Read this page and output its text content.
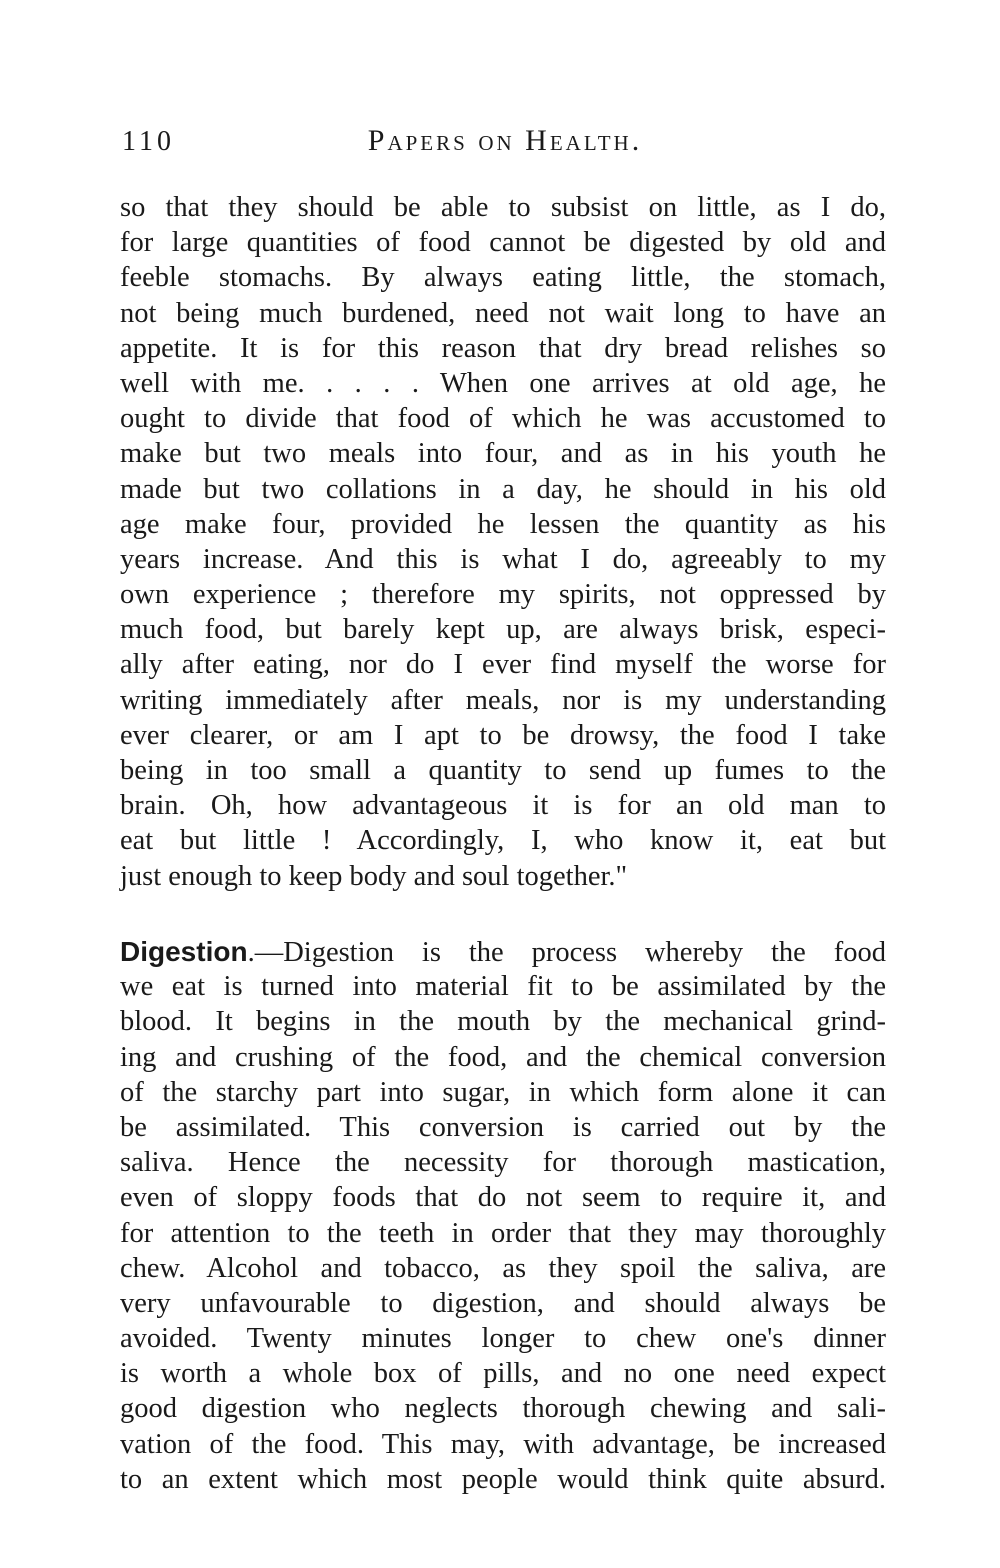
110	Papers on Health.
so that they should be able to subsist on little, as I do,
for large quantities of food cannot be digested by old and
feeble stomachs. By always eating little, the stomach,
not being much burdened, need not wait long to have an
appetite. It is for this reason that dry bread relishes so
well with me. . . . . When one arrives at old age, he
ought to divide that food of which he was accustomed to
make but two meals into four, and as in his youth he
made but two collations in a day, he should in his old
age make four, provided he lessen the quantity as his
years increase. And this is what I do, agreeably to my
own experience ; therefore my spirits, not oppressed by
much food, but barely kept up, are always brisk, especi-
ally after eating, nor do I ever find myself the worse for
writing immediately after meals, nor is my understanding
ever clearer, or am I apt to be drowsy, the food I take
being in too small a quantity to send up fumes to the
brain. Oh, how advantageous it is for an old man to
eat but little ! Accordingly, I, who know it, eat but
just enough to keep body and soul together."
Digestion.—Digestion is the process whereby the food
we eat is turned into material fit to be assimilated by the
blood. It begins in the mouth by the mechanical grind-
ing and crushing of the food, and the chemical conversion
of the starchy part into sugar, in which form alone it can
be assimilated. This conversion is carried out by the
saliva. Hence the necessity for thorough mastication,
even of sloppy foods that do not seem to require it, and
for attention to the teeth in order that they may thoroughly
chew. Alcohol and tobacco, as they spoil the saliva, are
very unfavourable to digestion, and should always be
avoided. Twenty minutes longer to chew one's dinner
is worth a whole box of pills, and no one need expect
good digestion who neglects thorough chewing and sali-
vation of the food. This may, with advantage, be increased
to an extent which most people would think quite absurd.
